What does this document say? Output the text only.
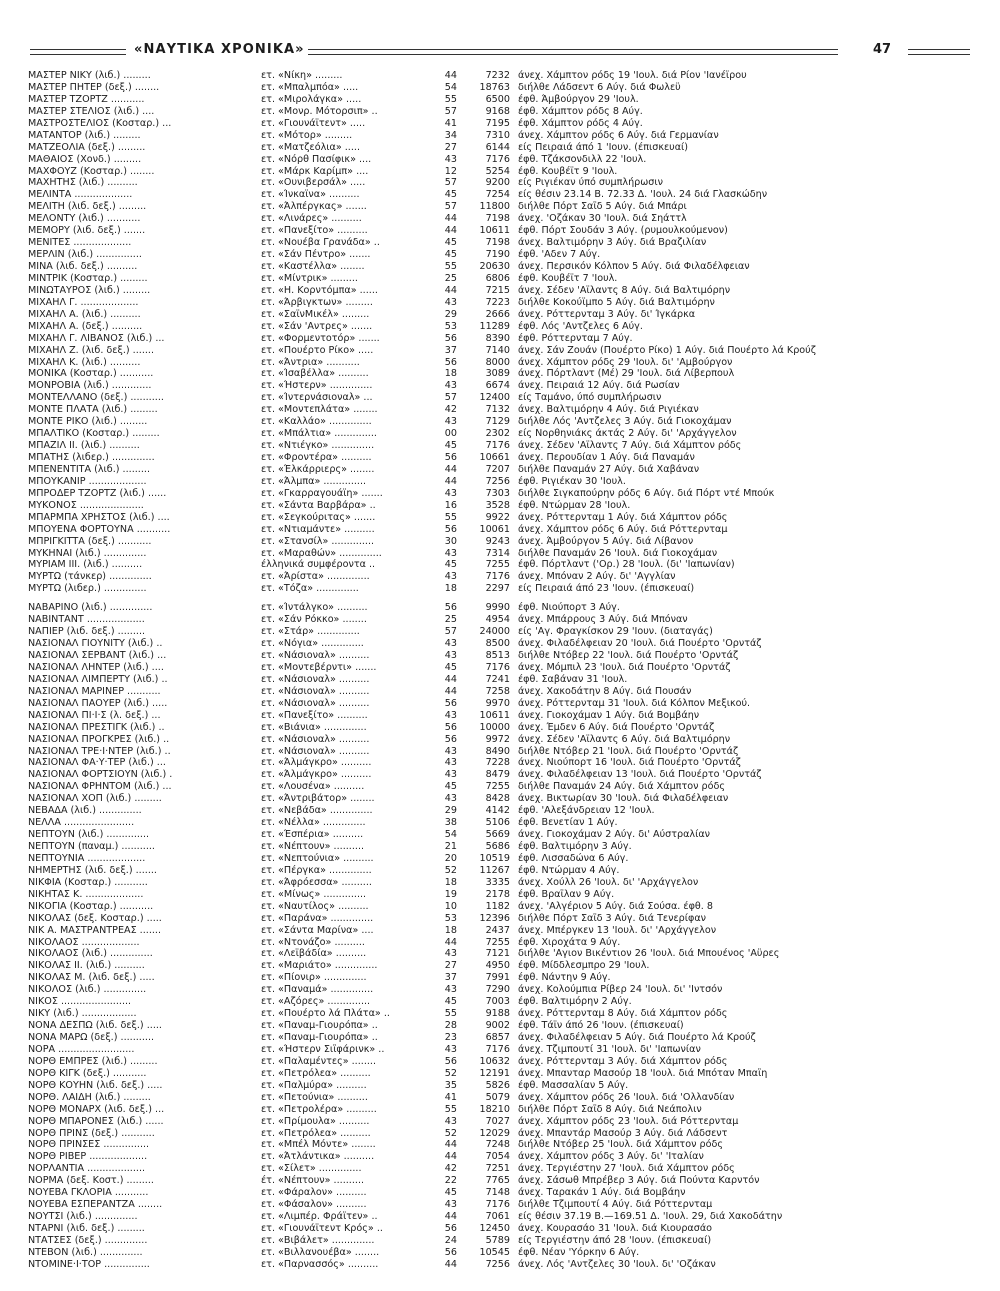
«ΝΑΥΤΙΚΑ ΧΡΟΝΙΚΑ»	47
ΜΑΣΤΕΡ ΝΙΚΥ (λιб.) .........	ετ. «Νίκη» .........	44	7232 άνεχ. Χάμπτον ρόδς 19 'Ιουλ. διά Ρίον 'Ιανέϊρου
ΜΑΣΤΕΡ ΠΗΤΕΡ (δεξ.) ........	ετ. «Μπαλμπόα» .....	54	18763 διήλθε Λάδσεντ 6 Αύγ. διά Φωλεϋ
ΜΑΣΤΕΡ ΤΖΟΡΤΖ ...........	ετ. «Μιρολάγκα» .....	55	6500 έφθ. Άμβούργον 29 'Ιουλ.
ΜΑΣΤΕΡ ΣΤΕΛΙΟΣ (λιб.) ....	ετ. «Μονρ. Μότορσιπ» ..	57	9168 έφθ. Χάμπτον ρόδς 8 Αύγ.
ΜΑΣΤΡΟΣΤΕΛΙΟΣ (Κοσταρ.) ...	ετ. «Γιουνάϊτεντ» .....	41	7195 έφθ. Χάμπτον ρόδς 4 Αύγ.
ΜΑΤΑΝΤΟΡ (λιб.) .........	ετ. «Μότορ» .........	34	7310 άνεχ. Χάμπτον ρόδς 6 Αύγ. διά Γερμανίαν
ΜΑΤΖΕΟΛΙΑ (δεξ.) .........	ετ. «Ματζεόλια» .....	27	6144 είς Πειραιά άπό 1 'Ιουν. (έπισκευαί)
ΜΑΘΑΙΟΣ (Χονδ.) .........	ετ. «Νόρθ Πασίφικ» ....	43	7176 έφθ. Τζάκσονδιλλ 22 'Ιουλ.
ΜΑΧΦΟΥΖ (Κοσταρ.) ........	ετ. «Μάρκ Καρίμπ» ....	12	5254 έφθ. Κουβέϊτ 9 'Ιουλ.
ΜΑΧΗΤΗΣ (λιб.) ..........	ετ. «Ουνιβερσάλ» .....	57	9200 είς Ριγιέκαν ύπό συμπλήρωσιν
ΜΕΛΙΝΤΑ ...................	ετ. «Ίνκαϊνα» ..........	45	7254 είς θέσιν 23.14 Β. 72.33 Δ. 'Ιουλ. 24 διά Γλασκώδην
ΜΕΛΙΤΗ (λιб. δεξ.) .........	ετ. «Άλπέργκας» .......	57	11800 διήλθε Πόρτ Σαΐδ 5 Αύγ. διά Μπάρι
ΜΕΛΟΝΤΥ (λιб.) ...........	ετ. «Λινάρες» ..........	44	7198 άνεχ. 'Οζάκαν 30 'Ιουλ. διά Σηάττλ
ΜΕΜΟΡΥ (λιб. δεξ.) .......	ετ. «Πανεξίτο» ..........	44	10611 έφθ. Πόρτ Σουδάν 3 Αύγ. (ρυμουλκούμενον)
ΜΕΝΙΤΕΣ ...................	ετ. «Νουέβα Γρανάδα» ..	45	7198 άνεχ. Βαλτιμόρην 3 Αύγ. διά Βραζιλίαν
ΜΕΡΛΙΝ (λιб.) ...............	ετ. «Σάν Πέντρο» .......	45	7190 έφθ. 'Αδεν 7 Αύγ.
ΜΙΝΑ (λιб. δεξ.) ..........	ετ. «Καστέλλα» ........	55	20630 άνεχ. Περσικόν Κόλπον 5 Αύγ. διά Φιλαδέλφειαν
ΜΙΝΤΡΙΚ (Κοσταρ.) .........	ετ. «Μίντρικ» .........	25	6806 έφθ. Κουβέϊτ 7 'Ιουλ.
ΜΙΝΩΤΑΥΡΟΣ (λιб.) .........	ετ. «Η. Κορντόμπα» ......	44	7215 άνεχ. Σέδεν 'Αϊλαντς 8 Αύγ. διά Βαλτιμόρην
ΜΙΧΑΗΛ Γ. ...................	ετ. «Άρβιγκτων» .........	43	7223 διήλθε Κοκούϊμπο 5 Αύγ. διά Βαλτιμόρην
ΜΙΧΑΗΛ Α. (λιб.) ..........	ετ. «ΣαϊνΜικέλ» .........	29	2666 άνεχ. Ρόττερνταμ 3 Αύγ. δι' Ίγκάρκα
ΜΙΧΑΗΛ Α. (δεξ.) ..........	ετ. «Σάν 'Αντρες» .......	53	11289 έφθ. Λός 'Αντζελες 6 Αύγ.
ΜΙΧΑΗΛ Γ. ΛΙΒΑΝΟΣ (λιб.) ...	ετ. «Φορμεντοτόρ» .......	56	8390 έφθ. Ρόττερνταμ 7 Αύγ.
ΜΙΧΑΗΛ Ζ. (λιб. δεξ.) .......	ετ. «Πουέρτο Ρίκο» .....	37	7140 άνεχ. Σάν Ζουάν (Πουέρτο Ρίκο) 1 Αύγ. διά Πουέρτο λά Κρούζ
ΜΙΧΑΗΛ Κ. (λιб.) ..........	ετ. «Άντρια» ...........	56	8000 άνεχ. Χάμπτον ρόδς 29 'Ιουλ. δι' 'Αμβούργον
ΜΟΝΙΚΑ (Κοσταρ.) ...........	ετ. «Ίσαβέλλα» ..........	18	3089 άνεχ. Πόρτλαντ (Μέ) 29 'Ιουλ. διά Λίβερπουλ
ΜΟΝΡΟΒΙΑ (λιб.) .............	ετ. «Ήστερν» ..............	43	6674 άνεχ. Πειραιά 12 Αύγ. διά Ρωσίαν
ΜΟΝΤΕΛΛΑΝΟ (δεξ.) ...........	ετ. «Ίντερνάσιοναλ» ...	57	12400 είς Ταμάνο, ύπό συμπλήρωσιν
ΜΟΝΤΕ ΠΛΑΤΑ (λιб.) .........	ετ. «Μοντεπλάτα» ........	42	7132 άνεχ. Βαλτιμόρην 4 Αύγ. διά Ριγιέκαν
ΜΟΝΤΕ ΡΙΚΟ (λιб.) .........	ετ. «Καλλάο» ..............	43	7129 διήλθε Λός 'Αντζελες 3 Αύγ. διά Γιοκοχάμαν
ΜΠΑΛΤΙΚΟ (Κοσταρ.) .........	ετ. «Μπάλτια» ..............	00	2302 είς Νορθηνιάκς άκτάς 2 Αύγ. δι' 'Αρχάγγελον
ΜΠΑΖΙΛ ΙΙ. (λιб.) ..........	ετ. «Ντιέγκο» ..............	45	7176 άνεχ. Σέδεν 'Αϊλαντς 7 Αύγ. διά Χάμπτον ρόδς
ΜΠΑΤΗΣ (λιбερ.) ..............	ετ. «Φροντέρα» ..........	56	10661 άνεχ. Περουδίαν 1 Αύγ. διά Παναμάν
ΜΠΕΝΕΝΤΙΤΑ (λιб.) .........	ετ. «Έλκάρριερς» ........	44	7207 διήλθε Παναμάν 27 Αύγ. διά Χαβάναν
ΜΠΟΥΚΑΝΙΡ ...................	ετ. «Άλμπα» ..............	44	7256 έφθ. Ριγιέκαν 30 'Ιουλ.
ΜΠΡΟΔΕΡ ΤΖΟΡΤΖ (λιб.) ......	ετ. «Γκαρραγουάϊη» .......	43	7303 διήλθε Σιγκαπούρην ρόδς 6 Αύγ. διά Πόρτ ντέ Μπούκ
ΜΥΚΟΝΟΣ .....................	ετ. «Σάντα Βαρβάρα» ..	16	3528 έφθ. Ντώρμαν 28 'Ιουλ.
ΜΠΑΡΜΠΑ ΧΡΗΣΤΟΣ (λιб.) ....	ετ. «Σεγκούριτας» .......	55	9922 άνεχ. Ρόττερνταμ 1 Αύγ. διά Χάμπτον ρόδς
ΜΠΟΥΕΝΑ ΦΟΡΤΟΥΝΑ ...........	ετ. «Ντιαμάντε» ..........	56	10061 άνεχ. Χάμπτον ρόδς 6 Αύγ. διά Ρόττερνταμ
ΜΠΡΙΓΚΙΤΤΑ (δεξ.) ...........	ετ. «Στανσίλ» ..............	30	9243 άνεχ. Άμβούργον 5 Αύγ. διά Λίβανον
ΜΥΚΗΝΑΙ (λιб.) ..............	ετ. «Μαραθών» ..............	43	7314 διήλθε Παναμάν 26 'Ιουλ. διά Γιοκοχάμαν
ΜΥΡΙΑΜ ΙΙΙ. (λιб.) ..........	έλληνικά συμφέροντα ..	45	7255 έφθ. Πόρτλαντ ('Ορ.) 28 'Ιουλ. (δι' 'Ιαπωνίαν)
ΜΥΡΤΩ (τάνκερ) ..............	ετ. «Άρίστα» ..............	43	7176 άνεχ. Μπόναν 2 Αύγ. δι' 'Αγγλίαν
ΜΥΡΤΩ (λιбερ.) ..............	ετ. «Τόζα» ..............	18	2297 είς Πειραιά άπό 23 'Ιουν. (έπισκευαί)
ΝΑΒΑΡΙΝΟ (λιб.) ..............	ετ. «Ίντάλγκο» ..........	56	9990 έφθ. Νιούπορτ 3 Αύγ.
ΝΑΒΙΝΤΑΝΤ ...................	ετ. «Σάν Ρόκκο» ........	25	4954 άνεχ. Μπάρρους 3 Αύγ. διά Μπόναν
ΝΑΠΙΕΡ (λιб. δεξ.) .........	ετ. «Στάρ» ..............	57	24000 είς 'Αγ. Φραγκίσκον 29 'Ιουν. (διαταγάς)
ΝΑΣΙΟΝΑΛ ΓΙΟΥΝΙΤΥ (λιб.) ..	ετ. «Νόγια» ..............	43	8500 άνεχ. Φιλαδέλφειαν 20 'Ιουλ. διά Πουέρτο 'Ορντάζ
ΝΑΣΙΟΝΑΛ ΣΕΡΒΑΝΤ (λιб.) ...	ετ. «Νάσιοναλ» ..........	43	8513 διήλθε Ντόβερ 22 'Ιουλ. διά Πουέρτο 'Ορντάζ
ΝΑΣΙΟΝΑΛ ΛΗΝΤΕΡ (λιб.) ....	ετ. «Μοντεβέρντι» .......	45	7176 άνεχ. Μόμπιλ 23 'Ιουλ. διά Πουέρτο 'Ορντάζ
ΝΑΣΙΟΝΑΛ ΛΙΜΠΕΡΤΥ (λιб.) ..	ετ. «Νάσιοναλ» ..........	44	7241 έφθ. Σαβάναν 31 'Ιουλ.
ΝΑΣΙΟΝΑΛ ΜΑΡΙΝΕΡ ...........	ετ. «Νάσιοναλ» ..........	44	7258 άνεχ. Χακοδάτην 8 Αύγ. διά Πουσάν
ΝΑΣΙΟΝΑΛ ΠΑΟΥΕΡ (λιб.) .....	ετ. «Νάσιοναλ» ..........	56	9970 άνεχ. Ρόττερνταμ 31 'Ιουλ. διά Κόλπον Μεξικού.
ΝΑΣΙΟΝΑΛ ΠΙ·Ι·Σ (λ. δεξ.) ...	ετ. «Πανεξίτο» ..........	43	10611 άνεχ. Γιοκοχάμαν 1 Αύγ. διά Βομβάην
ΝΑΣΙΟΝΑΛ ΠΡΕΣΤΙΓΚ (λιб.) ..	ετ. «Βιάνια» ..............	56	10000 άνεχ. Έμδεν 6 Αύγ. διά Πουέρτο 'Ορντάζ
ΝΑΣΙΟΝΑΛ ΠΡΟΓΚΡΕΣ (λιб.) ..	ετ. «Νάσιοναλ» ..........	56	9972 άνεχ. Σέδεν 'Αϊλαντς 6 Αύγ. διά Βαλτιμόρην
ΝΑΣΙΟΝΑΛ ΤΡΕ·Ι·ΝΤΕΡ (λιб.) ..	ετ. «Νάσιοναλ» ..........	43	8490 διήλθε Ντόβερ 21 'Ιουλ. διά Πουέρτο 'Ορντάζ
ΝΑΣΙΟΝΑΛ ΦΑ·Υ·ΤΕΡ (λιб.) ...	ετ. «Άλμάγκρο» ..........	43	7228 άνεχ. Νιούπορτ 16 'Ιουλ. διά Πουέρτο 'Ορντάζ
ΝΑΣΙΟΝΑΛ ΦΟΡΤΣΙΟΥΝ (λιб.) .	ετ. «Άλμάγκρο» ..........	43	8479 άνεχ. Φιλαδέλφειαν 13 'Ιουλ. διά Πουέρτο 'Ορντάζ
ΝΑΣΙΟΝΑΛ ΦΡΗΝΤΟΜ (λιб.) ...	ετ. «Λουσένα» ..........	45	7255 διήλθε Παναμάν 24 Αύγ. διά Χάμπτον ρόδς
ΝΑΣΙΟΝΑΛ ΧΟΠ (λιб.) .........	ετ. «Άντριβάτορ» ........	43	8428 άνεχ. Βικτωρίαν 30 'Ιουλ. διά Φιλαδέλφειαν
ΝΕΒΑΔΑ (λιб.) ..............	ετ. «Νεβάδα» ..............	29	4142 έφθ. 'Αλεξάνδρειαν 12 'Ιουλ.
ΝΕΛΛΑ .......................	ετ. «Νέλλα» ..............	38	5106 έφθ. Βενετίαν 1 Αύγ.
ΝΕΠΤΟΥΝ (λιб.) ..............	ετ. «Έσπέρια» ..........	54	5669 άνεχ. Γιοκοχάμαν 2 Αύγ. δι' Αύστραλίαν
ΝΕΠΤΟΥΝ (παναμ.) ...........	ετ. «Νέπτουν» ..........	21	5686 έφθ. Βαλτιμόρην 3 Αύγ.
ΝΕΠΤΟΥΝΙΑ ...................	ετ. «Νεπτούνια» ..........	20	10519 έφθ. Λισσαδώνα 6 Αύγ.
ΝΗΜΕΡΤΗΣ (λιб. δεξ.) .......	ετ. «Πέργκα» ..............	52	11267 έφθ. Ντώρμαν 4 Αύγ.
ΝΙΚΦΙΑ (Κοσταρ.) ...........	ετ. «Άφρόεσσα» ..........	18	3335 άνεχ. Χούλλ 26 'Ιουλ. δι' 'Αρχάγγελον
ΝΙΚΗΤΑΣ Κ. ...................	ετ. «Μίνως» ..............	19	2178 έφθ. Βραΐλαν 9 Αύγ.
ΝΙΚΟΓΙΑ (Κοσταρ.) ...........	ετ. «Ναυτίλος» ..........	10	1182 άνεχ. 'Αλγέριον 5 Αύγ. διά Σούσα. έφθ. 8
ΝΙΚΟΛΑΣ (δεξ. Κοσταρ.) .....	ετ. «Παράνα» ..............	53	12396 διήλθε Πόρτ Σαΐδ 3 Αύγ. διά Τενερίφαν
ΝΙΚ Α. ΜΑΣΤΡΑΝΤΡΕΑΣ .......	ετ. «Σάντα Μαρίνα» ....	18	2437 άνεχ. Μπέργκεν 13 'Ιουλ. δι' 'Αρχάγγελον
ΝΙΚΟΛΑΟΣ ...................	ετ. «Ντονάζο» ..........	44	7255 έφθ. Χιροχάτα 9 Αύγ.
ΝΙΚΟΛΑΟΣ (λιб.) ..............	ετ. «Λεϊβάδία» ..........	43	7121 διήλθε 'Αγιον Βικέντιον 26 'Ιουλ. διά Μπουένος 'Αϋρες
ΝΙΚΟΛΑΣ ΙΙ. (λιб.) ..........	ετ. «Μαριάτο» ..............	27	4950 έφθ. Μίδδλεσμπρο 29 'Ιουλ.
ΝΙΚΟΛΑΣ Μ. (λιб. δεξ.) .....	ετ. «Πίονιρ» ..............	37	7991 έφθ. Νάντην 9 Αύγ.
ΝΙΚΟΛΟΣ (λιб.) ..............	ετ. «Παναμά» ..............	43	7290 άνεχ. Κολούμπια Ρίβερ 24 'Ιουλ. δι' 'Ιντσόν
ΝΙΚΟΣ .......................	ετ. «Αζόρες» ..............	45	7003 έφθ. Βαλτιμόρην 2 Αύγ.
ΝΙΚΥ (λιб.) ..................	ετ. «Πουέρτο λά Πλάτα» ..	55	9188 άνεχ. Ρόττερνταμ 8 Αύγ. διά Χάμπτον ρόδς
ΝΟΝΑ ΔΕΣΠΩ (λιб. δεξ.) .....	ετ. «Παναμ-Γιουρόπα» ..	28	9002 έφθ. Τάϊν άπό 26 'Ιουν. (έπισκευαί)
ΝΟΝΑ ΜΑΡΩ (δεξ.) ...........	ετ. «Παναμ-Γιουρόπα» ..	23	6857 άνεχ. Φιλαδέλφειαν 5 Αύγ. διά Πουέρτο λά Κρούζ
ΝΟΡΑ .........................	ετ. «Ήστερν Σιΐφάρινκ» ..	43	7176 άνεχ. Τζιμπουτί 31 'Ιουλ. δι' 'Ιαπωνίαν
ΝΟΡΘ ΕΜΠΡΕΣ (λιб.) .........	ετ. «Παλαμέντες» ........	56	10632 άνεχ. Ρόττερνταμ 3 Αύγ. διά Χάμπτον ρόδς
ΝΟΡΘ ΚΙΓΚ (δεξ.) ...........	ετ. «Πετρόλεα» ..........	52	12191 άνεχ. Μπανταρ Μασούρ 18 'Ιουλ. διά Μπόταν Μπαΐη
ΝΟΡΘ ΚΟΥΗΝ (λιб. δεξ.) .....	ετ. «Παλμύρα» ..........	35	5826 έφθ. Μασσαλίαν 5 Αύγ.
ΝΟΡΘ. ΛΑΙΔΗ (λιб.) .........	ετ. «Πετούνια» ..........	41	5079 άνεχ. Χάμπτον ρόδς 26 'Ιουλ. διά 'Ολλανδίαν
ΝΟΡΘ ΜΟΝΑΡΧ (λιб. δεξ.) ...	ετ. «Πετρολέρα» ..........	55	18210 διήλθε Πόρτ Σαΐδ 8 Αύγ. διά Νεάπολιν
ΝΟΡΘ ΜΠΑΡΟΝΕΣ (λιб.) ......	ετ. «Πρίμουλα» ..........	43	7027 άνεχ. Χάμπτον ρόδς 23 'Ιουλ. διά Ρόττερνταμ
ΝΟΡΘ ΠΡΙΝΣ (δεξ.) ...........	ετ. «Πετρόλεα» ..........	52	12029 άνεχ. Μπαντάρ Μασούρ 3 Αύγ. διά Λάδσεντ
ΝΟΡΘ ΠΡΙΝΣΕΣ ...............	ετ. «Μπέλ Μόντε» ........	44	7248 διήλθε Ντόβερ 25 'Ιουλ. διά Χάμπτον ρόδς
ΝΟΡΘ ΡΙΒΕΡ ...................	ετ. «Άτλάντικα» ..........	44	7054 άνεχ. Χάμπτον ρόδς 3 Αύγ. δι' 'Ιταλίαν
ΝΟΡΛΑΝΤΙΑ ...................	ετ. «Σίλετ» ..............	42	7251 άνεχ. Τεργιέστην 27 'Ιουλ. διά Χάμπτον ρόδς
ΝΟΡΜΑ (δεξ. Κοστ.) .........	έτ. «Νέπτουν» ..........	22	7765 άνεχ. Σάσωθ Μπρέβερ 3 Αύγ. διά Πούντα Καρντόν
ΝΟΥΕΒΑ ΓΚΛΟΡΙΑ ...........	ετ. «Φάραλον» ..........	45	7148 άνεχ. Ταρακάν 1 Αύγ. διά Βομβάην
ΝΟΥΕΒΑ ΕΣΠΕΡΑΝΤΖΑ ........	ετ. «Φάσαλον» ..........	43	7176 διήλθε Τζιμπουτί 4 Αύγ. διά Ρόττερνταμ
ΝΟΥΤΣΙ (λιб.) ..............	ετ. «Λιμπέρ. Φράϊτεν» ..	44	7061 είς θέσιν 37.19 Β.—169.51 Δ. 'Ιουλ. 29, διά Χακοδάτην
ΝΤΑΡΝΙ (λιб. δεξ.) .........	ετ. «Γιουνάϊτεντ Κρός» ..	56	12450 άνεχ. Κουρασάο 31 'Ιουλ. διά Κιουρασάο
ΝΤΑΤΣΕΣ (δεξ.) ..............	ετ. «Βιβάλετ» ..............	24	5789 είς Τεργιέστην άπό 28 'Ιουν. (έπισκευαί)
ΝΤΕΒΟΝ (λιб.) ..............	ετ. «Βιλλανουέβα» ........	56	10545 έφθ. Νέαν 'Υόρκην 6 Αύγ.
ΝΤΟΜΙΝΕ·Ι·ΤΟΡ ...............	ετ. «Παρνασσός» ..........	44	7256 άνεχ. Λός 'Αντζελες 30 'Ιουλ. δι' 'Οζάκαν
